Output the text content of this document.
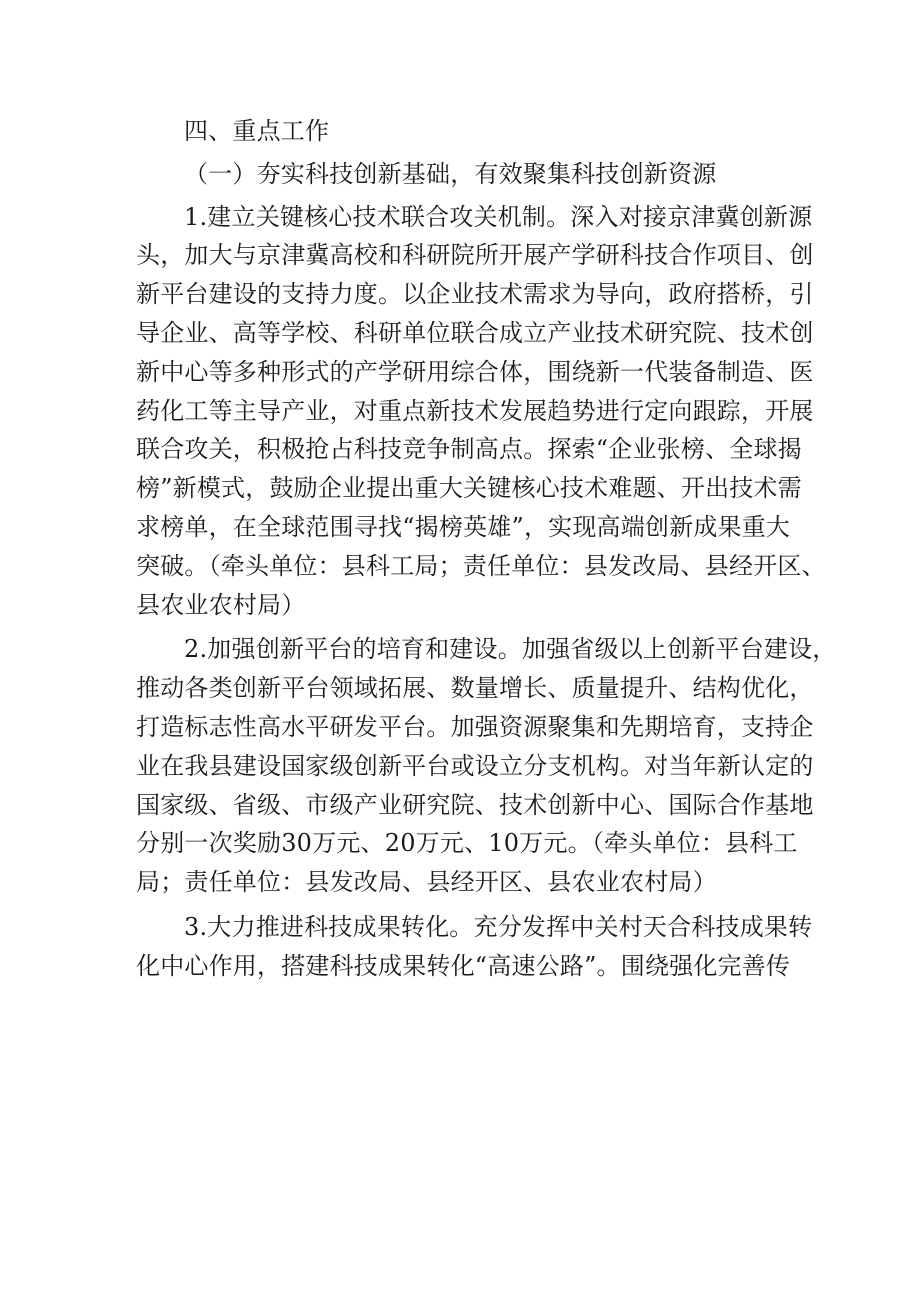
四、重点工作
（一）夯实科技创新基础，有效聚集科技创新资源
1.建立关键核心技术联合攻关机制。深入对接京津冀创新源
头，加大与京津冀高校和科研院所开展产学研科技合作项目、创
新平台建设的支持力度。以企业技术需求为导向，政府搭桥，引
导企业、高等学校、科研单位联合成立产业技术研究院、技术创
新中心等多种形式的产学研用综合体，围绕新一代装备制造、医
药化工等主导产业，对重点新技术发展趋势进行定向跟踪，开展
联合攻关，积极抢占科技竞争制高点。探索“企业张榜、全球揭
榜”新模式，鼓励企业提出重大关键核心技术难题、开出技术需
求榜单，在全球范围寻找“揭榜英雄”，实现高端创新成果重大
突破。（牵头单位：县科工局；责任单位：县发改局、县经开区、
县农业农村局）
2.加强创新平台的培育和建设。加强省级以上创新平台建设，
推动各类创新平台领域拓展、数量增长、质量提升、结构优化，
打造标志性高水平研发平台。加强资源聚集和先期培育，支持企
业在我县建设国家级创新平台或设立分支机构。对当年新认定的
国家级、省级、市级产业研究院、技术创新中心、国际合作基地
分别一次奖励30万元、20万元、10万元。（牵头单位：县科工
局；责任单位：县发改局、县经开区、县农业农村局）
3.大力推进科技成果转化。充分发挥中关村天合科技成果转
化中心作用，搭建科技成果转化“高速公路”。围绕强化完善传
